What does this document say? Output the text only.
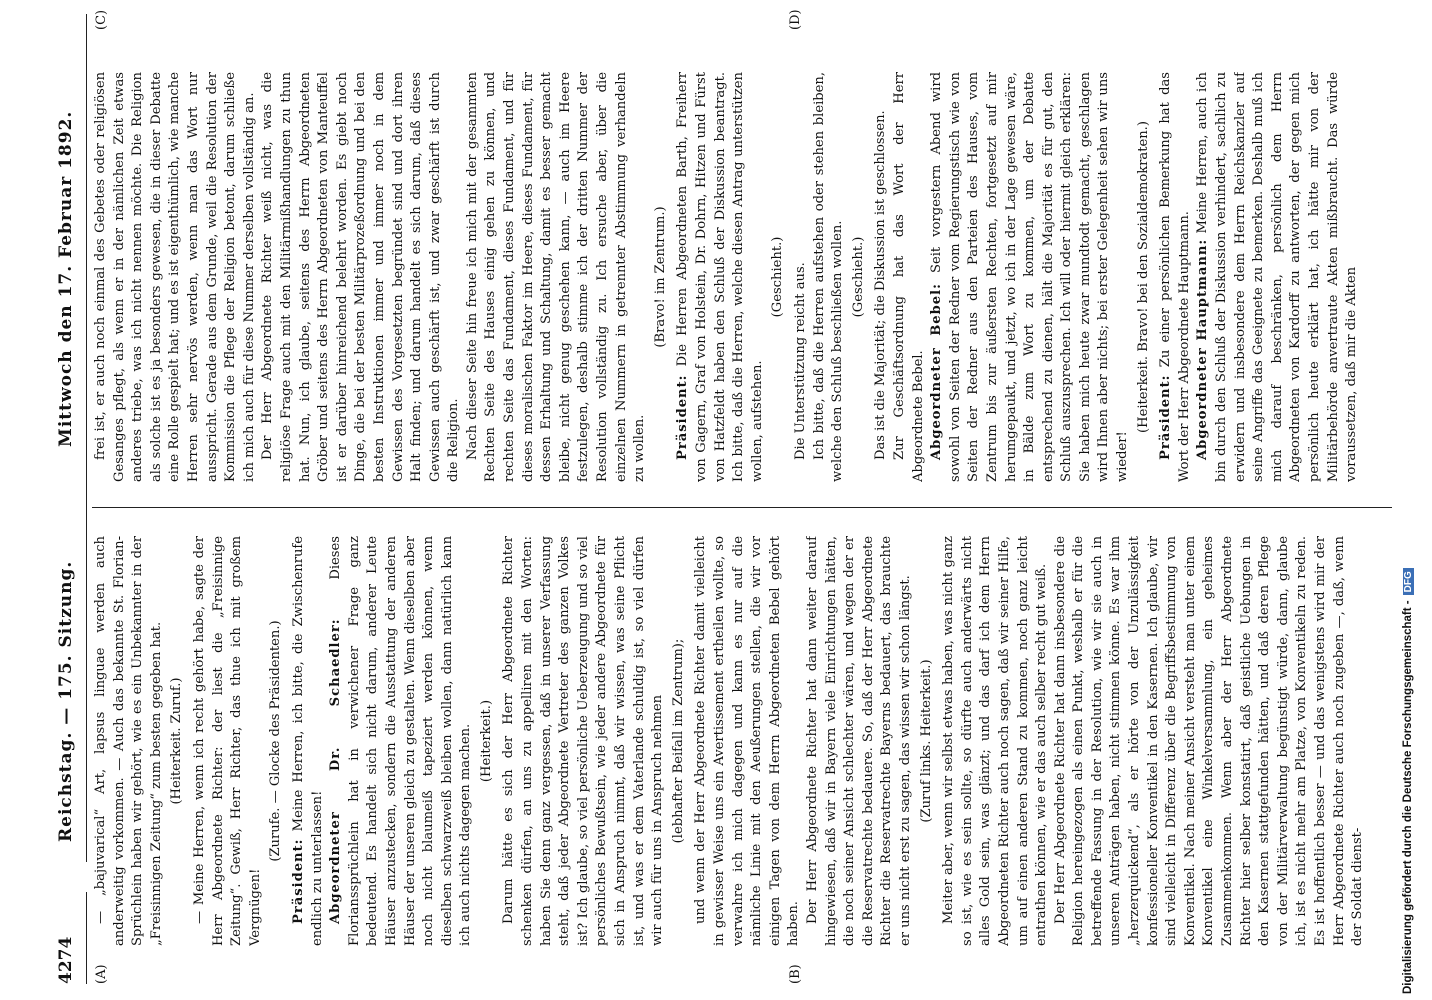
4274
Reichstag. — 175. Sitzung.
Mittwoch den 17. Februar 1892.
(A)	(B)
(C)	(D)

— „bajuvarical“ Art, lapsus linguae werden auch anderweitig vorkommen. — Auch das bekannte St. Florian-Sprüchlein haben wir gehört, wie es ein Unbekannter in der „Freisinnigen Zeitung“ zum besten gegeben hat. (Heiterkeit. Zuruf.) — Meine Herren, wenn ich recht gehört habe, sagte der Herr Abgeordnete Richter: der liest die „Freisinnige Zeitung“. Gewiß, Herr Richter, das thue ich mit großem Vergnügen!

(Zurufe. — Glocke des Präsidenten.)

Präsident: Meine Herren, ich bitte, die Zwischenrufe endlich zu unterlassen! Abgeordneter Dr. Schaedler: Dieses Florianssprüchlein hat in verwichener Frage ganz bedeutend. Es handelt sich nicht darum, anderer Leute Häuser anzustecken, sondern die Ausstattung der anderen Häuser der unseren gleich zu gestalten. Wenn dieselben aber noch nicht blaumeiß tapeziert werden können, wenn dieselben schwarzweiß bleiben wollen, dann natürlich kann ich auch nichts dagegen machen. (Heiterkeit.) Darum hätte es sich der Herr Abgeordnete Richter schenken dürfen, an uns zu appelliren mit den Worten: haben Sie denn ganz vergessen, daß in unserer Verfassung steht, daß jeder Abgeordnete Vertreter des ganzen Volkes ist? Ich glaube, so viel persönliche Ueberzeugung und so viel persönliches Bewußtsein, wie jeder andere Abgeordnete für sich in Anspruch nimmt, daß wir wissen, was seine Pflicht ist, und was er dem Vaterlande schuldig ist, so viel dürfen wir auch für uns in Anspruch nehmen (lebhafter Beifall im Zentrum); und wenn der Herr Abgeordnete Richter damit vielleicht in gewisser Weise uns ein Avertissement ertheilen wollte, so verwahre ich mich dagegen und kann es nur auf die nämliche Linie mit den Aeußerungen stellen, die wir vor einigen Tagen von dem Herrn Abgeordneten Bebel gehört haben. Der Herr Abgeordnete Richter hat dann weiter darauf hingewiesen, daß wir in Bayern viele Einrichtungen hätten, die noch seiner Ansicht schlechter wären, und wegen der er die Reservatrechte bedauere. So, daß der Herr Abgeordnete Richter die Reservatrechte Bayerns bedauert, das brauchte er uns nicht erst zu sagen, das wissen wir schon längst. (Zuruf links. Heiterkeit.) Meiter aber, wenn wir selbst etwas haben, was nicht ganz so ist, wie es sein sollte, so dürfte auch anderwärts nicht alles Gold sein, was glänzt; und das darf ich dem Herrn Abgeordneten Richter auch noch sagen, daß wir seiner Hilfe, um auf einen anderen Stand zu kommen, noch ganz leicht entrathen können, wie er das auch selber recht gut weiß. Der Herr Abgeordnete Richter hat dann insbesondere die Religion hereingezogen als einen Punkt, weshalb er für die betreffende Fassung in der Resolution, wie wir sie auch in unseren Anträgen haben, nicht stimmen könne. Es war ihm „herzerquickend“, als er hörte von der Unzulässigkeit konfessioneller Konventikel in den Kasernen. Ich glaube, wir sind vielleicht in Differenz über die Begriffsbestimmung von Konventikel. Nach meiner Ansicht versteht man unter einem Konventikel eine Winkelversammlung, ein geheimes Zusammenkommen. Wenn aber der Herr Abgeordnete Richter hier selber konstatirt, daß geistliche Uebungen in den Kasernen stattgefunden hätten, und daß deren Pflege von der Militärverwaltung begünstigt würde, dann, glaube ich, ist es nicht mehr am Platze, von Konventikeln zu reden. Es ist hoffentlich besser — und das wenigstens wird mir der Herr Abgeordnete Richter auch noch zugeben —, daß, wenn der Soldat dienst-

frei ist, er auch noch einmal des Gebetes oder religiösen Gesanges pflegt, als wenn er in der nämlichen Zeit etwas anderes triebe, was ich nicht nennen möchte. Die Religion als solche ist es ja besonders gewesen, die in dieser Debatte eine Rolle gespielt hat; und es ist eigenthümlich, wie manche Herren sehr nervös werden, wenn man das Wort nur ausspricht. Gerade aus dem Grunde, weil die Resolution der Kommission die Pflege der Religion betont, darum schließe ich mich auch für diese Nummer derselben vollständig an. Der Herr Abgeordnete Richter weiß nicht, was die religiöse Frage auch mit den Militärmißhandlungen zu thun hat. Nun, ich glaube, seitens des Herrn Abgeordneten Gröber und seitens des Herrn Abgeordneten von Manteuffel ist er darüber hinreichend belehrt worden. Es giebt noch Dinge, die bei der besten Militärprozeßordnung und bei den besten Instruktionen immer und immer noch in dem Gewissen des Vorgesetzten begründet sind und dort ihren Halt finden; und darum handelt es sich darum, daß dieses Gewissen auch geschärft ist, und zwar geschärft ist durch die Religion. Nach dieser Seite hin freue ich mich mit der gesammten Rechten Seite des Hauses einig gehen zu können, und rechten Seite das Fundament, dieses Fundament, und für dieses moralischen Faktor im Heere, dieses Fundament, für dessen Erhaltung und Schaltung, damit es besser gemacht bleibe, nicht genug geschehen kann, — auch im Heere festzulegen, deshalb stimme ich der dritten Nummer der Resolution vollständig zu. Ich ersuche aber, über die einzelnen Nummern in getrennter Abstimmung verhandeln zu wollen.

(Bravo! im Zentrum.)

Präsident: Die Herren Abgeordneten Barth, Freiherr von Gagern, Graf von Holstein, Dr. Dohrn, Hitzen und Fürst von Hatzfeldt haben den Schluß der Diskussion beantragt. Ich bitte, daß die Herren, welche diesen Antrag unterstützen wollen, aufstehen.

(Geschieht.) Die Unterstützung reicht aus. Ich bitte, daß die Herren aufstehen oder stehen bleiben, welche den Schluß beschließen wollen. (Geschieht.) Das ist die Majorität; die Diskussion ist geschlossen. Zur Geschäftsordnung hat das Wort der Herr Abgeordnete Bebel. Abgeordneter Bebel: Seit vorgestern Abend wird sowohl von Seiten der Redner vom Regierungstisch wie von Seiten der Redner aus den Parteien des Hauses, vom Zentrum bis zur äußersten Rechten, fortgesetzt auf mir herumgepaukt, und jetzt, wo ich in der Lage gewesen wäre, in Bälde zum Wort zu kommen, um der Debatte entsprechend zu dienen, hält die Majorität es für gut, den Schluß auszusprechen. Ich will oder hiermit gleich erklären: Sie haben mich heute zwar mundtodt gemacht, geschlagen wird Ihnen aber nichts; bei erster Gelegenheit sehen wir uns wieder!

(Heiterkeit. Bravo! bei den Sozialdemokraten.) Präsident: Zu einer persönlichen Bemerkung hat das Wort der Herr Abgeordnete Hauptmann. Abgeordneter Hauptmann: Meine Herren, auch ich bin durch den Schluß der Diskussion verhindert, sachlich zu erwidern und insbesondere dem Herrn Reichskanzler auf seine Angriffe das Geeignete zu bemerken. Deshalb muß ich mich darauf beschränken, persönlich dem Herrn Abgeordneten von Kardorff zu antworten, der gegen mich persönlich heute erklärt hat, ich hätte mir von der Militärbehörde anvertraute Akten mißbraucht. Das würde voraussetzen, daß mir die Akten

Digitalisierung gefördert durch die Deutsche Forschungsgemeinschaft -DFG
